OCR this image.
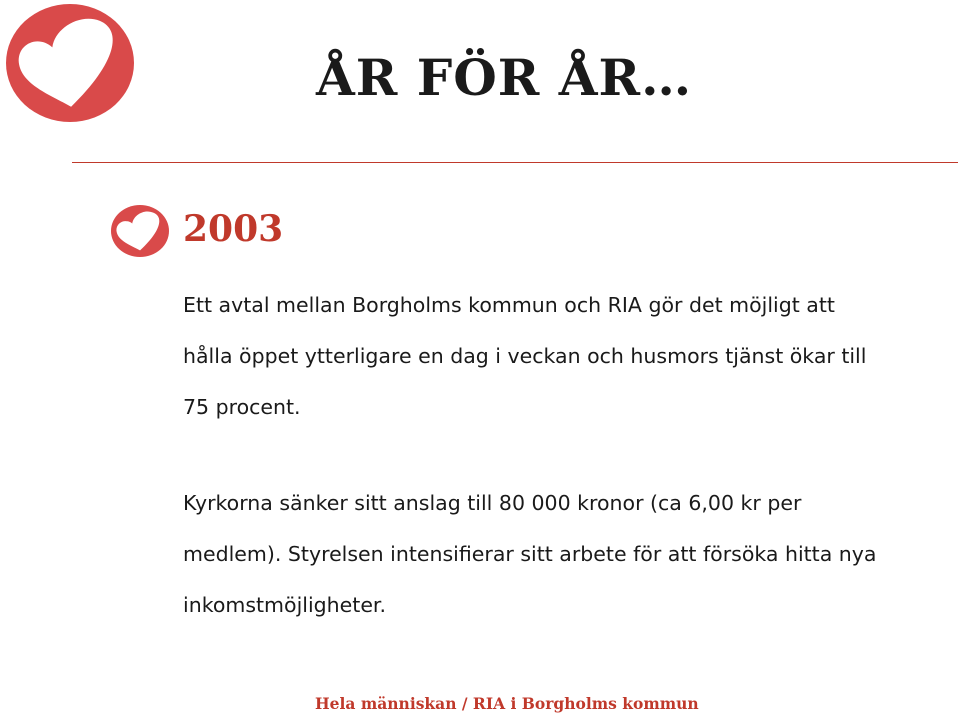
ÅR FÖR ÅR…
2003

Ett avtal mellan Borgholms kommun och RIA gör det möjligt att
hålla öppet ytterligare en dag i veckan och husmors tjänst ökar till
75 procent.

Kyrkorna sänker sitt anslag till 80 000 kronor (ca 6,00 kr per
medlem). Styrelsen intensifierar sitt arbete för att försöka hitta nya
inkomstmöjligheter.

Hela människan / RIA i Borgholms kommun
